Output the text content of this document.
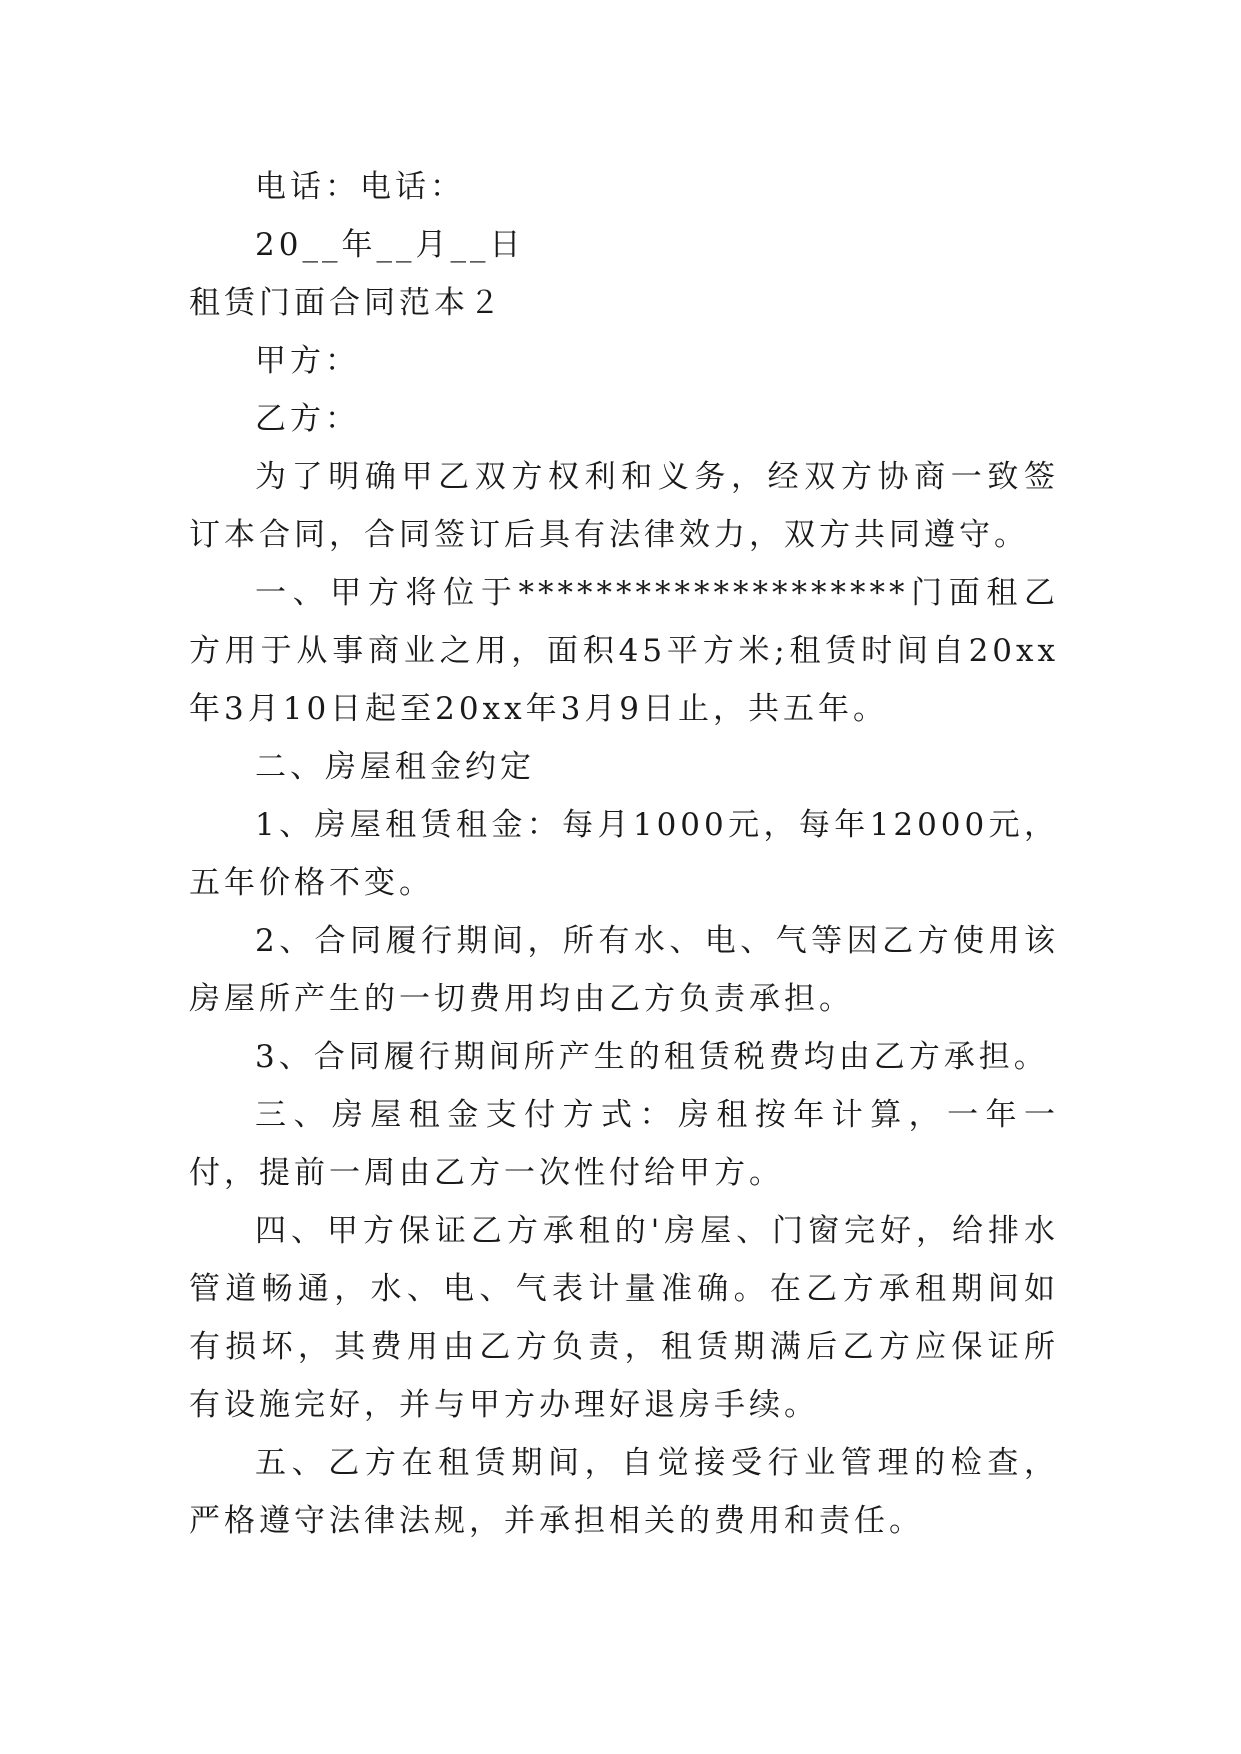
电话：电话：
20__年__月__日
租赁门面合同范本２
甲方：
乙方：
为了明确甲乙双方权利和义务，经双方协商一致签订本合同，合同签订后具有法律效力，双方共同遵守。
一、甲方将位于********************门面租乙方用于从事商业之用，面积45平方米;租赁时间自20xx年3月10日起至20xx年3月9日止，共五年。
二、房屋租金约定
1、房屋租赁租金：每月1000元，每年12000元，五年价格不变。
2、合同履行期间，所有水、电、气等因乙方使用该房屋所产生的一切费用均由乙方负责承担。
3、合同履行期间所产生的租赁税费均由乙方承担。
三、房屋租金支付方式：房租按年计算，一年一付，提前一周由乙方一次性付给甲方。
四、甲方保证乙方承租的'房屋、门窗完好，给排水管道畅通，水、电、气表计量准确。在乙方承租期间如有损坏，其费用由乙方负责，租赁期满后乙方应保证所有设施完好，并与甲方办理好退房手续。
五、乙方在租赁期间，自觉接受行业管理的检查，严格遵守法律法规，并承担相关的费用和责任。
